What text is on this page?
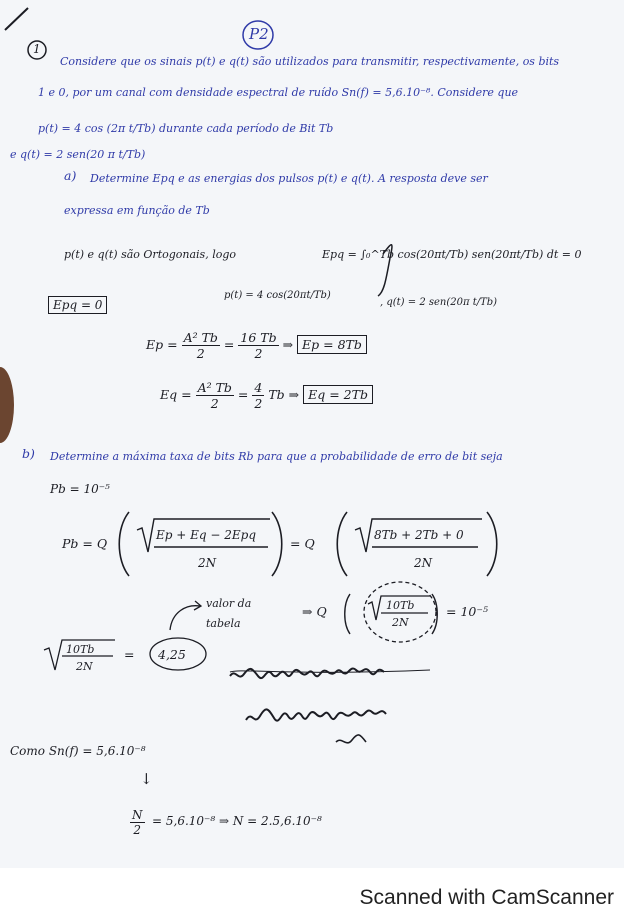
P2
1
Considere que os sinais p(t) e q(t) são utilizados para transmitir, respectivamente, os bits
1 e 0, por um canal com densidade espectral de ruído Sn(f) = 5,6.10⁻⁸. Considere que
p(t) = 4 cos (2π t/Tb) durante cada período de Bit Tb
e q(t) = 2 sen(20 π t/Tb)
a) Determine Epq e as energias dos pulsos p(t) e q(t). A resposta deve ser
expressa em função de Tb
p(t) e q(t) são Ortogonais, logo	Epq = ∫₀^Tb cos(20πt/Tb) sen(20πt/Tb) dt = 0
Epq = 0
p(t) = 4 cos(20πt/Tb)
, q(t) = 2 sen(20π t/Tb)
$Ep = \frac{\text{A² Tb}}{2} = \frac{16 Tb}{2}$ ⇒ Ep = 8Tb
$Eq = \frac{\text{A² Tb}}{2} = \frac{4}{2}$ Tb ⇒ Eq = 2Tb
b) Determine a máxima taxa de bits Rb para que a probabilidade de erro de bit seja
Pb = 10⁻⁵
Pb = Q
Ep + Eq − 2Epq
2N
= Q
8Tb + 2Tb + 0
2N
valor da tabela
⇒ Q	10Tb
2N
= 10⁻⁵
10Tb
2N
= 4,25
Como Sn(f) = 5,6.10⁻⁸
↓
$\frac{N}{2} = 5,6.10^{-8}$ ⇒ N = 2.5,6.10⁻⁸
Scanned with CamScanner
